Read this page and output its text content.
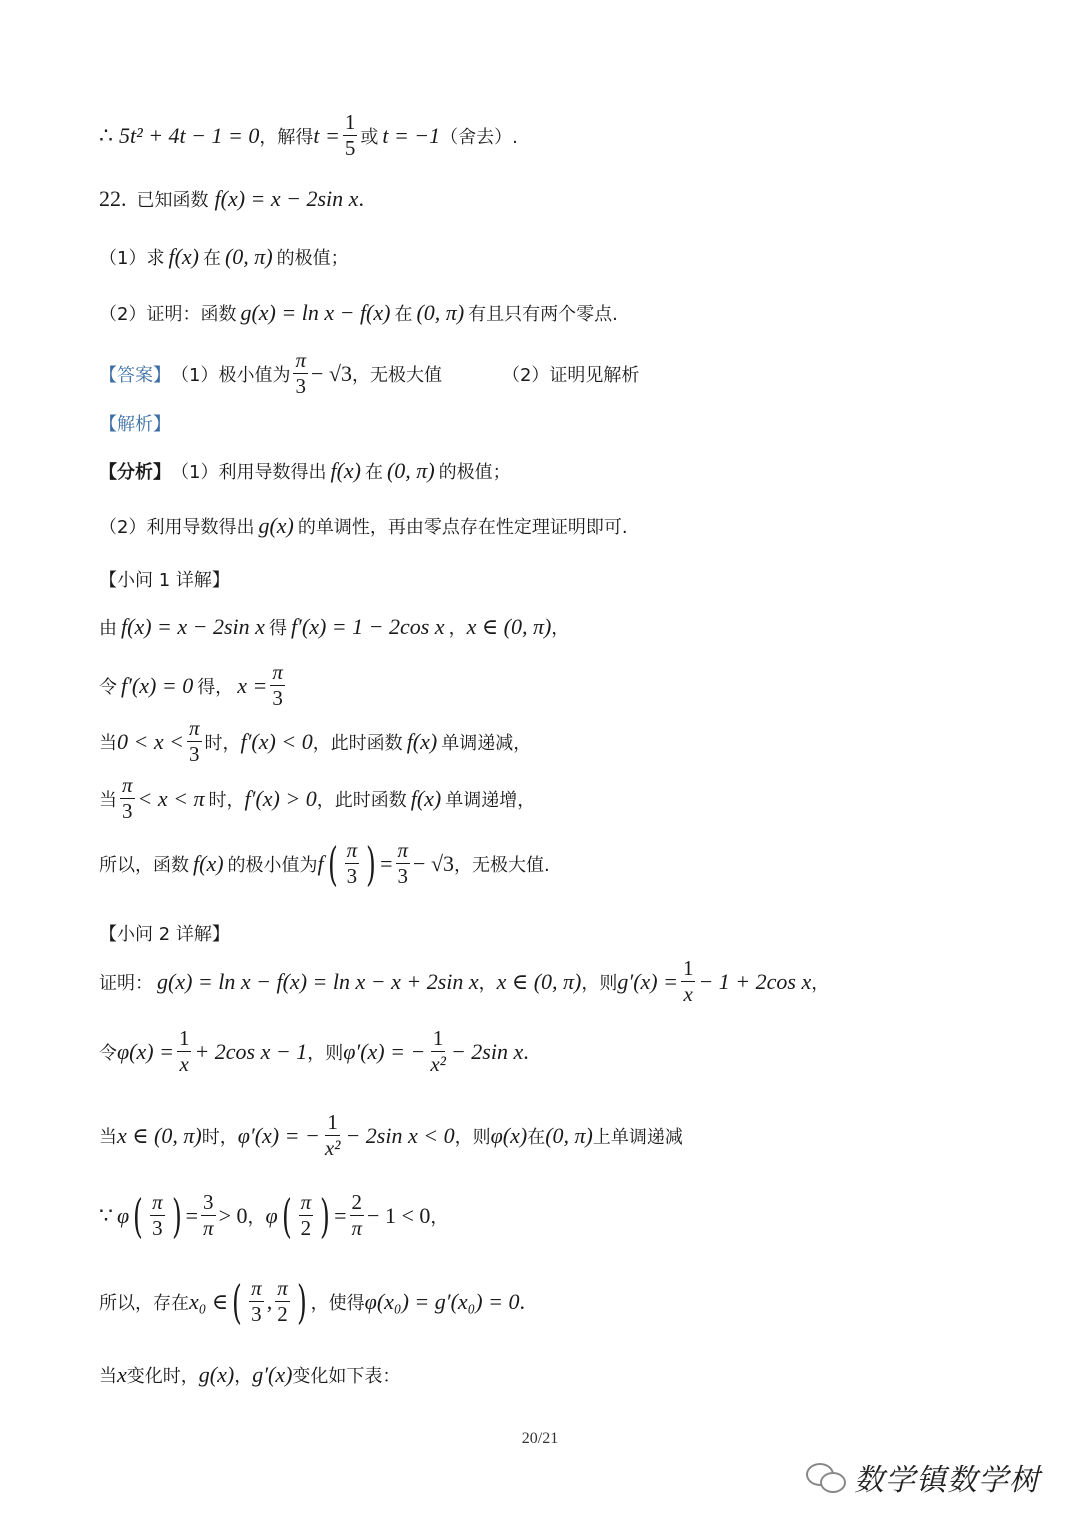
∴ 5t² + 4t − 1 = 0 ，解得 $t = \frac{1}{5}$ 或 t = −1 （舍去）.
22. 已知函数 f(x) = x − 2sin x .
（1）求 f(x) 在 (0, π) 的极值；
（2）证明：函数 g(x) = ln x − f(x) 在 (0, π) 有且只有两个零点.
【答案】 （1）极小值为 $\frac{\pi}{3} - √3$ ，无极大值	（2）证明见解析
【解析】
【分析】 （1）利用导数得出 f(x) 在 (0, π) 的极值；
（2）利用导数得出 g(x) 的单调性，再由零点存在性定理证明即可.
【小问 1 详解】
由 f(x) = x − 2sin x 得 f′(x) = 1 − 2cos x ， x ∈ (0, π) ，
令 f′(x) = 0 得， $x = \frac{\pi}{3}$
当 $0 < x < \frac{\pi}{3}$ 时， f′(x) < 0 ，此时函数 f(x) 单调递减，
当 $\frac{\pi}{3} < x < \pi$ 时， f′(x) > 0 ，此时函数 f(x) 单调递增，
所以，函数 f(x) 的极小值为 f ( $\frac{\pi}{3}$ ) = $\frac{\pi}{3} - √3$ ，无极大值.
【小问 2 详解】
证明： g(x) = ln x − f(x) = ln x − x + 2sin x ， x ∈ (0, π) ，则 $g'(x) = \frac{1}{x} - 1 + 2\cos$ x ，
令 $\varphi(x) = \frac{1}{x} + 2\cos$ x − 1 ，则 φ′(x) = − $\frac{1}{\text{x²}} - 2\sin$ x .
当 x ∈ (0, π) 时， φ′(x) = − $\frac{1}{\text{x²}} - 2\sin$ x < 0 ，则 φ(x) 在 (0, π) 上单调递减
∵ φ ( $\frac{\pi}{3}$ ) = $\frac{3}{\pi} > 0$ ， φ ( $\frac{\pi}{2}$ ) = $\frac{2}{\pi} - 1 < 0$ ，
所以，存在 x₀ ∈ ( $\frac{\pi}{3}$ , $\frac{\pi}{2}$ ) ，使得 φ(x₀) = g′(x₀) = 0 .
当 x 变化时， g(x) ， g′(x) 变化如下表：
20/21
数学镇数学树
